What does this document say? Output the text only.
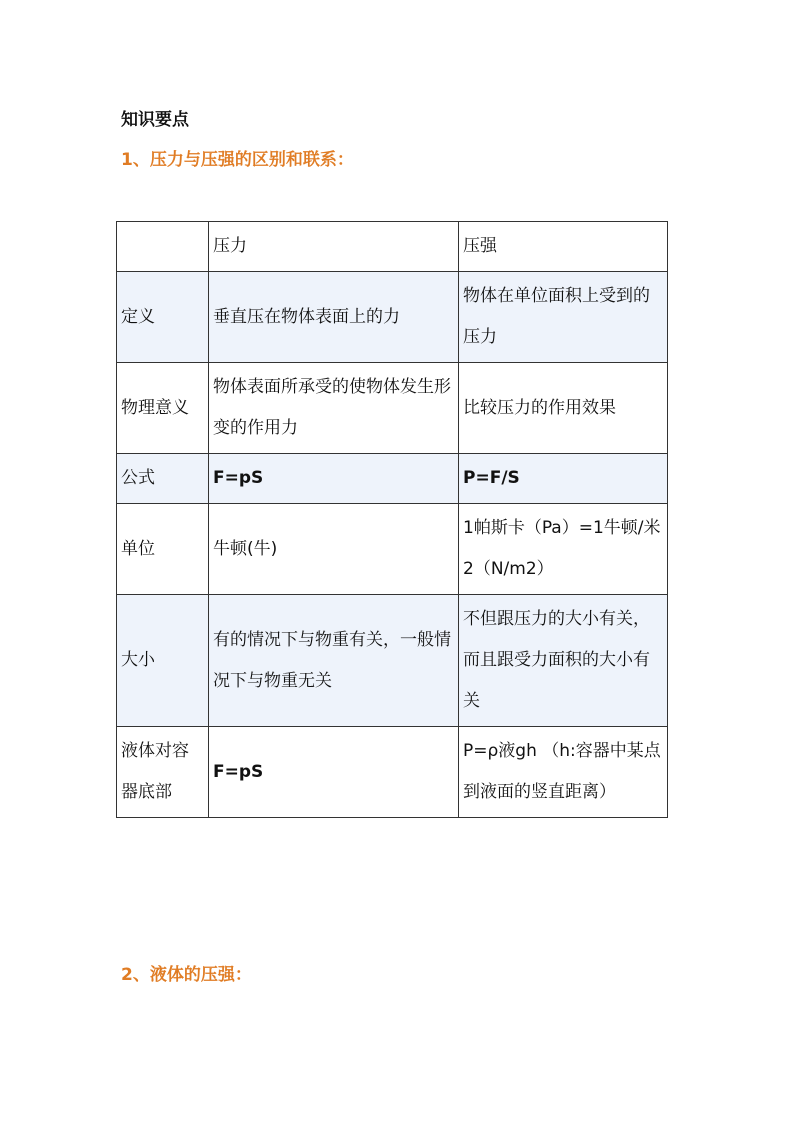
知识要点
1、压力与压强的区别和联系：
	压力	压强
定义	垂直压在物体表面上的力	物体在单位面积上受到的压力
物理意义	物体表面所承受的使物体发生形变的作用力	比较压力的作用效果
公式	F=pS	P=F/S
单位	牛顿(牛)	1帕斯卡（Pa）=1牛顿/米2（N/m2）
大小	有的情况下与物重有关，一般情况下与物重无关	不但跟压力的大小有关，而且跟受力面积的大小有关
液体对容器底部	F=pS	P=ρ液gh （h:容器中某点到液面的竖直距离）
2、液体的压强：
